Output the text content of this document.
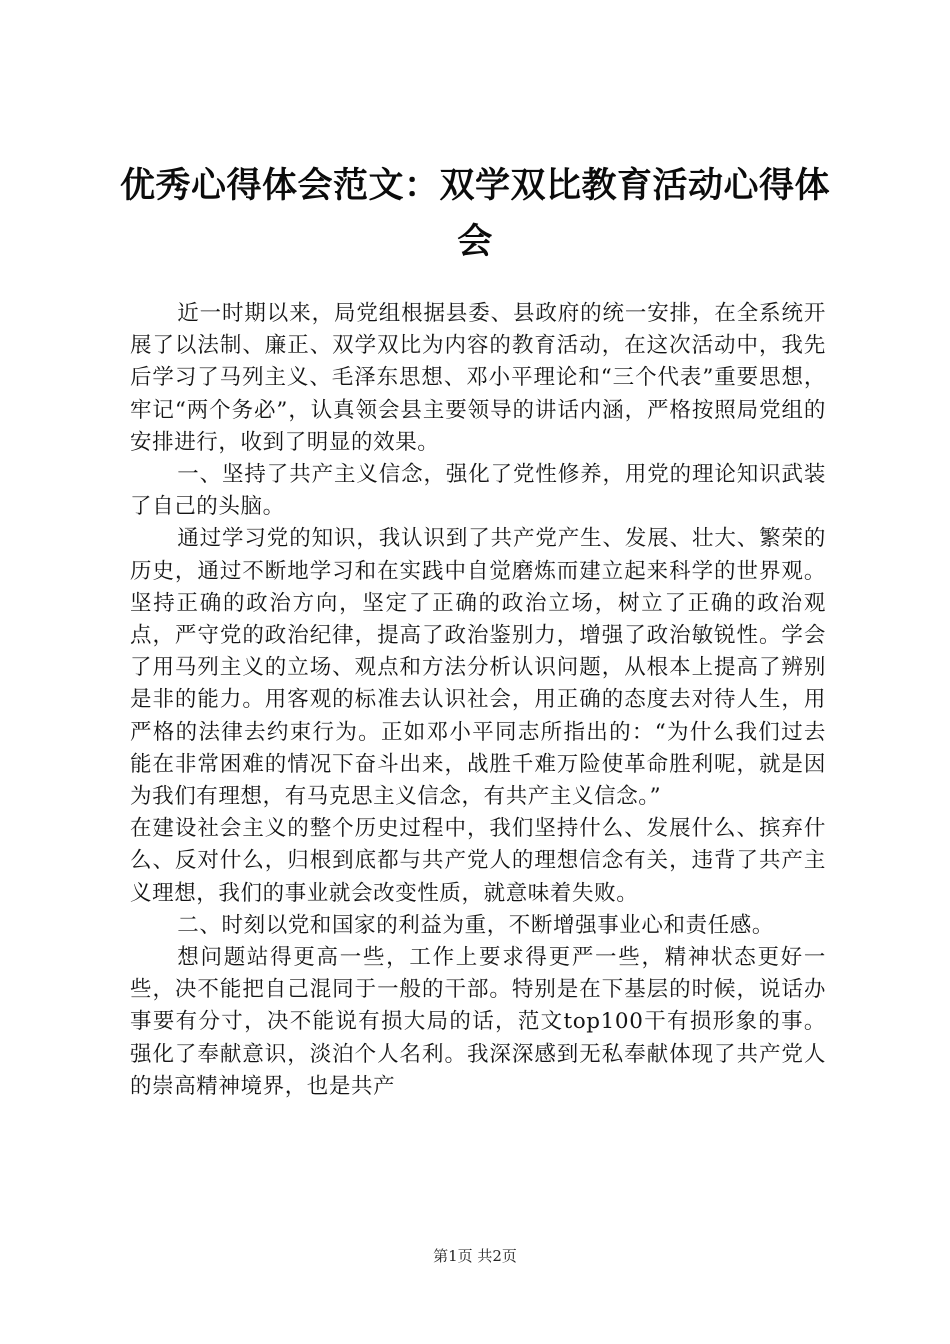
优秀心得体会范文：双学双比教育活动心得体会

近一时期以来，局党组根据县委、县政府的统一安排，在全系统开展了以法制、廉正、双学双比为内容的教育活动，在这次活动中，我先后学习了马列主义、毛泽东思想、邓小平理论和“三个代表”重要思想，牢记“两个务必”，认真领会县主要领导的讲话内涵，严格按照局党组的安排进行，收到了明显的效果。

一、坚持了共产主义信念，强化了党性修养，用党的理论知识武装了自己的头脑。

通过学习党的知识，我认识到了共产党产生、发展、壮大、繁荣的历史，通过不断地学习和在实践中自觉磨炼而建立起来科学的世界观。坚持正确的政治方向，坚定了正确的政治立场，树立了正确的政治观点，严守党的政治纪律，提高了政治鉴别力，增强了政治敏锐性。学会了用马列主义的立场、观点和方法分析认识问题，从根本上提高了辨别是非的能力。用客观的标准去认识社会，用正确的态度去对待人生，用严格的法律去约束行为。正如邓小平同志所指出的：“为什么我们过去能在非常困难的情况下奋斗出来，战胜千难万险使革命胜利呢，就是因为我们有理想，有马克思主义信念，有共产主义信念。”

在建设社会主义的整个历史过程中，我们坚持什么、发展什么、摈弃什么、反对什么，归根到底都与共产党人的理想信念有关，违背了共产主义理想，我们的事业就会改变性质，就意味着失败。

二、时刻以党和国家的利益为重，不断增强事业心和责任感。

想问题站得更高一些，工作上要求得更严一些，精神状态更好一些，决不能把自己混同于一般的干部。特别是在下基层的时候，说话办事要有分寸，决不能说有损大局的话，范文top100干有损形象的事。强化了奉献意识，淡泊个人名利。我深深感到无私奉献体现了共产党人的崇高精神境界，也是共产

第1页 共2页
